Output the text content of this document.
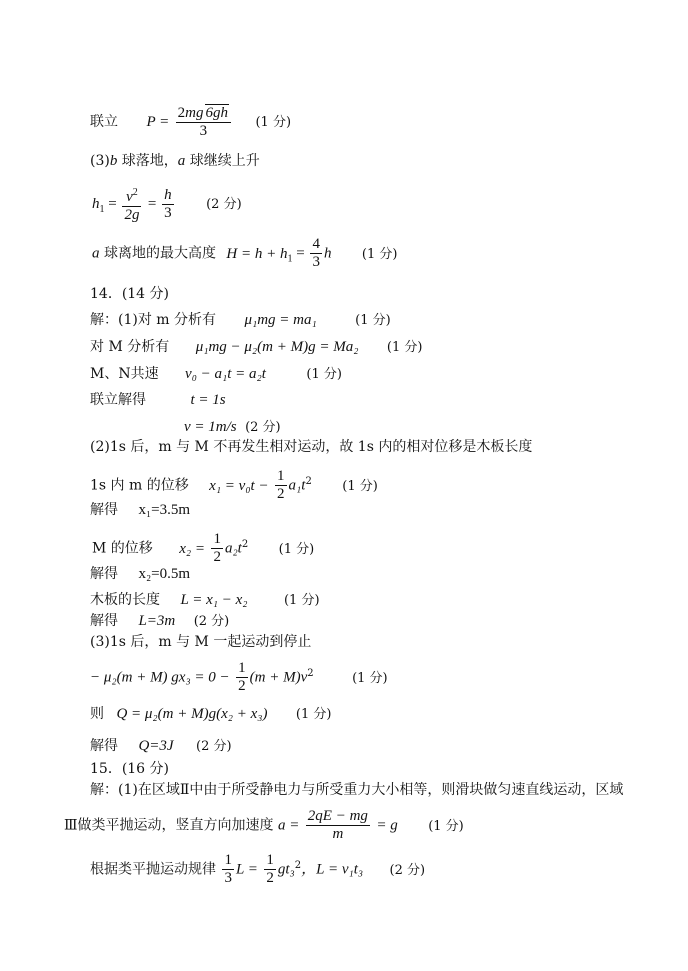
联立 $P = \frac{2mg 6gh}{3} (1$ 分)
(3)b 球落地，a 球继续上升
$h_1 = \frac{v^2}{2g} = \frac{h}{3} (2$ 分)
a 球离地的最大高度 $H = h + h_1 = \frac{4}{3}$ h (1 分)
14．(14 分)
解：(1)对 m 分析有 μ₁mg = ma₁	(1 分)
对 M 分析有 μ₁mg − μ₂(m + M)g = Ma₂ (1 分)
M、N共速 v₀ − a₁t = a₂t	(1 分)
联立解得	t = 1s
v = 1m/s (2 分)
(2)1s 后，m 与 M 不再发生相对运动，故 1s 内的相对位移是木板长度
1s 内 m 的位移 $x_1 = v_0t - \frac{1}{2} a_1t^2$ (1 分)
解得 x₁=3.5m
M 的位移 $x_2 = \frac{1}{2} a_2t^2$ (1 分)
解得 x₂=0.5m
木板的长度 L = x₁ − x₂	(1 分)
解得 L=3m (2 分)
(3)1s 后，m 与 M 一起运动到停止
− μ₂(m + M) $gx_3 = 0 - \frac{1}{2} (m + M)v^2$	(1 分)
则 Q = μ₂(m + M)g(x₂ + x₃) (1 分)
解得 Q=3J (2 分)
15．(16 分)
解：(1)在区域Ⅱ中由于所受静电力与所受重力大小相等，则滑块做匀速直线运动，区域
Ⅲ做类平抛运动，竖直方向加速度 $a = \frac{2qE - mg}{m} = g$ (1 分)
根据类平抛运动规律 $\frac{1}{3}$ $L = \frac{1}{2} gt_3^2$，L = v₁t₃ (2 分)
